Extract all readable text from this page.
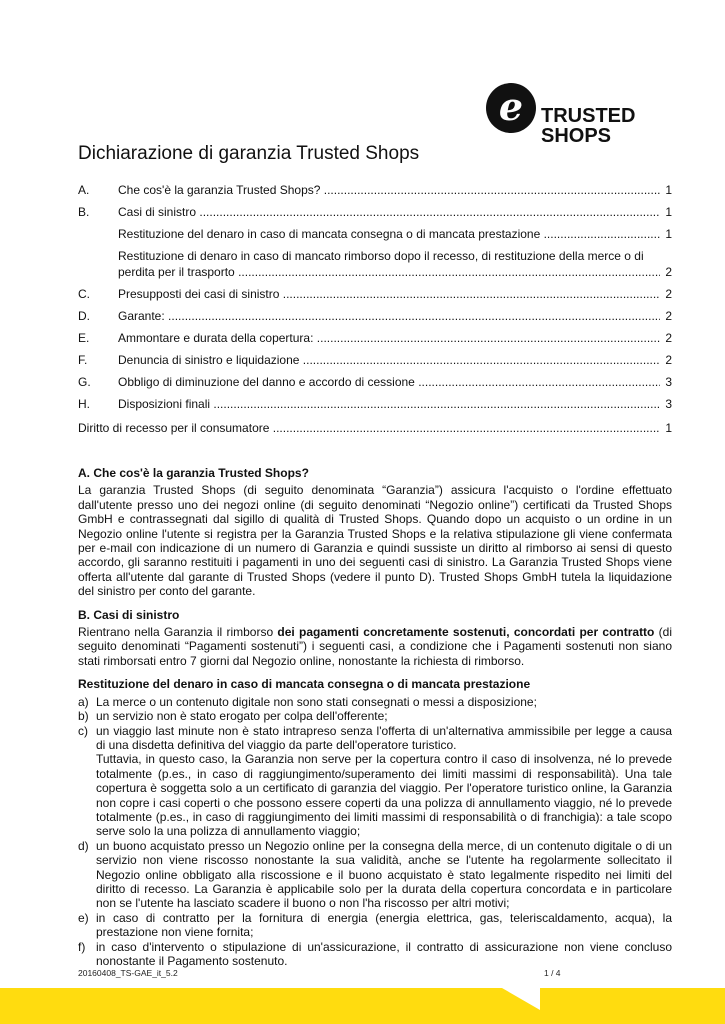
e TRUSTED
SHOPS
Dichiarazione di garanzia Trusted Shops
A. Che cos'è la garanzia Trusted Shops? .....	1
B. Casi di sinistro .....	1
Restituzione del denaro in caso di mancata consegna o di mancata prestazione .....	1
Restituzione di denaro in caso di mancato rimborso dopo il recesso, di restituzione della merce o di
perdita per il trasporto .....	2
C. Presupposti dei casi di sinistro .....	2
D. Garante: .....	2
E. Ammontare e durata della copertura: .....	2
F.	Denuncia di sinistro e liquidazione .....	2
G. Obbligo di diminuzione del danno e accordo di cessione .....	3
H. Disposizioni finali .....	3
Diritto di recesso per il consumatore .....	1

A. Che cos'è la garanzia Trusted Shops?

La garanzia Trusted Shops (di seguito denominata “Garanzia”) assicura l'acquisto o l'ordine effettuato dall'utente presso uno dei negozi online (di seguito denominati “Negozio online”) certificati da Trusted Shops GmbH e contrassegnati dal sigillo di qualità di Trusted Shops. Quando dopo un acquisto o un ordine in un Negozio online l'utente si registra per la Garanzia Trusted Shops e la relativa stipulazione gli viene confermata per e-mail con indicazione di un numero di Garanzia e quindi sussiste un diritto al rimborso ai sensi di questo accordo, gli saranno restituiti i pagamenti in uno dei seguenti casi di sinistro. La Garanzia Trusted Shops viene offerta all'utente dal garante di Trusted Shops (vedere il punto D). Trusted Shops GmbH tutela la liquidazione del sinistro per conto del garante.

B. Casi di sinistro

Rientrano nella Garanzia il rimborso dei pagamenti concretamente sostenuti, concordati per contratto (di seguito denominati “Pagamenti sostenuti”) i seguenti casi, a condizione che i Pagamenti sostenuti non siano stati rimborsati entro 7 giorni dal Negozio online, nonostante la richiesta di rimborso.

Restituzione del denaro in caso di mancata consegna o di mancata prestazione

a) La merce o un contenuto digitale non sono stati consegnati o messi a disposizione;
b) un servizio non è stato erogato per colpa dell'offerente;
c) un viaggio last minute non è stato intrapreso senza l'offerta di un'alternativa ammissibile per legge a causa di una disdetta definitiva del viaggio da parte dell'operatore turistico.
Tuttavia, in questo caso, la Garanzia non serve per la copertura contro il caso di insolvenza, né lo prevede totalmente (p.es., in caso di raggiungimento/superamento dei limiti massimi di responsabilità). Una tale copertura è soggetta solo a un certificato di garanzia del viaggio. Per l'operatore turistico online, la Garanzia non copre i casi coperti o che possono essere coperti da una polizza di annullamento viaggio, né lo prevede totalmente (p.es., in caso di raggiungimento dei limiti massimi di responsabilità o di franchigia): a tale scopo serve solo la una polizza di annullamento viaggio;
d) un buono acquistato presso un Negozio online per la consegna della merce, di un contenuto digitale o di un servizio non viene riscosso nonostante la sua validità, anche se l'utente ha regolarmente sollecitato il Negozio online obbligato alla riscossione e il buono acquistato è stato legalmente rispedito nei limiti del diritto di recesso. La Garanzia è applicabile solo per la durata della copertura concordata e in particolare non se l'utente ha lasciato scadere il buono o non l'ha riscosso per altri motivi;
e) in caso di contratto per la fornitura di energia (energia elettrica, gas, teleriscaldamento, acqua), la prestazione non viene fornita;
f) in caso d'intervento o stipulazione di un'assicurazione, il contratto di assicurazione non viene concluso nonostante il Pagamento sostenuto.
20160408_TS-GAE_it_5.2	1 / 4
